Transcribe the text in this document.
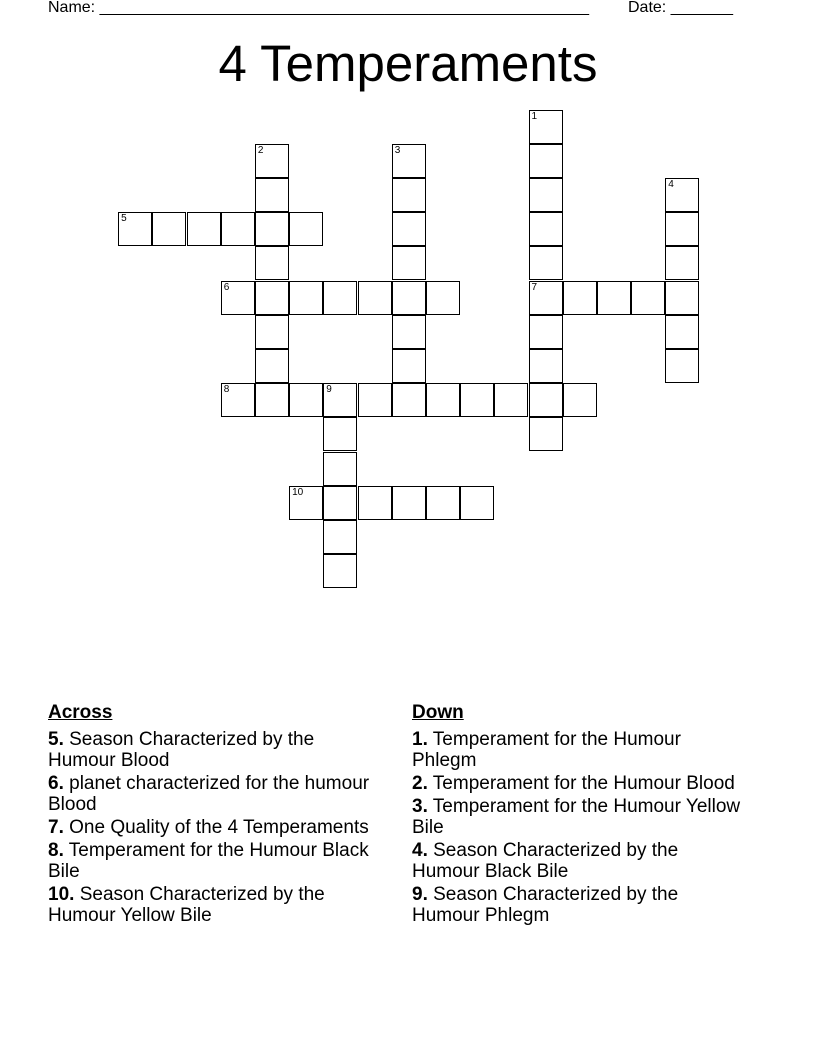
Name: _______________________________________________________ Date: _______
4 Temperaments
1
7
2	3
4
5
6
8	9
10
Across
5. Season Characterized by the Humour Blood
6. planet characterized for the humour Blood
7. One Quality of the 4 Temperaments
8. Temperament for the Humour Black Bile
10. Season Characterized by the Humour Yellow Bile
Down
1. Temperament for the Humour Phlegm
2. Temperament for the Humour Blood
3. Temperament for the Humour Yellow Bile
4. Season Characterized by the Humour Black Bile
9. Season Characterized by the Humour Phlegm
